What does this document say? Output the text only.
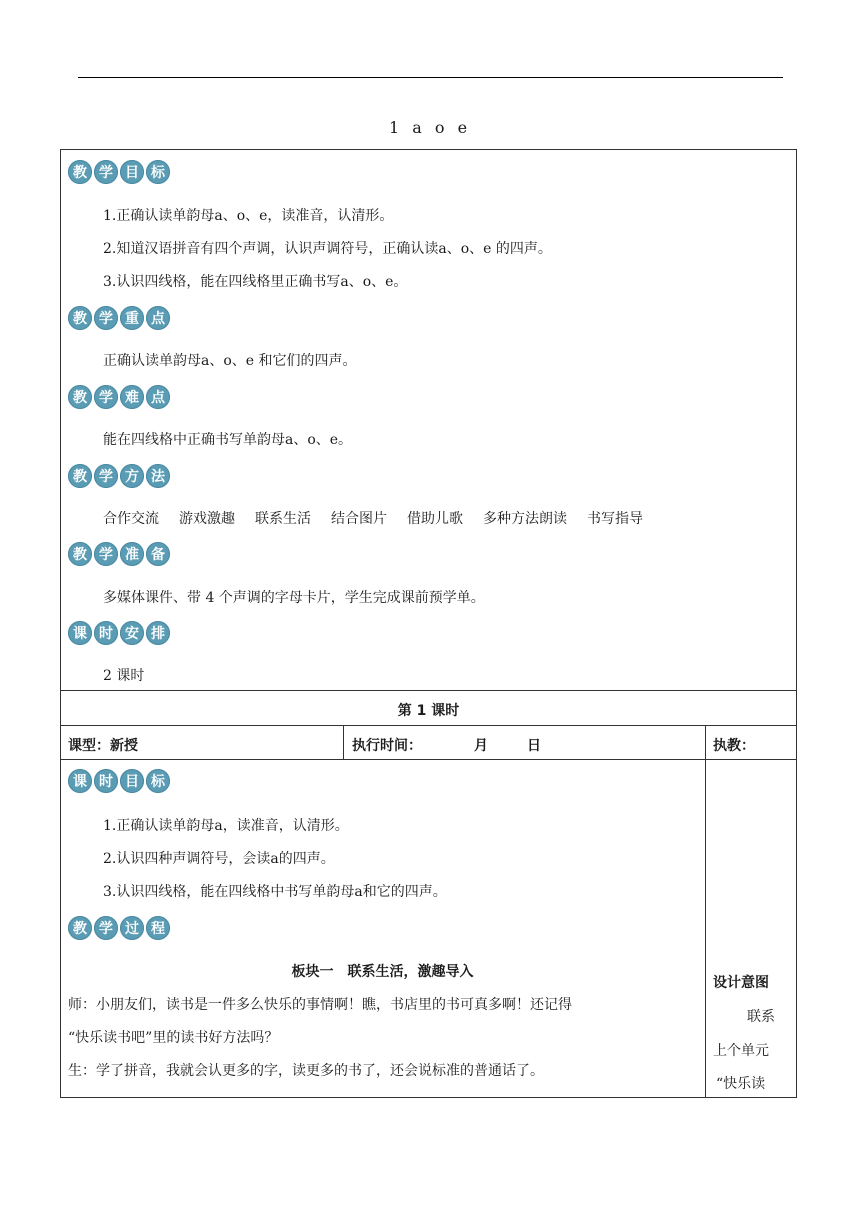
1 a o e
教 学 目 标
1.正确认读单韵母a、o、e，读准音，认清形。
2.知道汉语拼音有四个声调，认识声调符号，正确认读a、o、e 的四声。
3.认识四线格，能在四线格里正确书写a、o、e。
教 学 重 点
正确认读单韵母a、o、e 和它们的四声。
教 学 难 点
能在四线格中正确书写单韵母a、o、e。
教 学 方 法
合作交流 游戏激趣 联系生活 结合图片 借助儿歌 多种方法朗读 书写指导
教 学 准 备
多媒体课件、带 4 个声调的字母卡片，学生完成课前预学单。
课 时 安 排
2 课时
第 1 课时
课型：新授	执行时间：	月	日	执教：
课 时 目 标
1.正确认读单韵母a，读准音，认清形。
2.认识四种声调符号，会读a的四声。
3.认识四线格，能在四线格中书写单韵母a和它的四声。
教 学 过 程
板块一　联系生活，激趣导入
师：小朋友们，读书是一件多么快乐的事情啊！瞧，书店里的书可真多啊！还记得
“快乐读书吧”里的读书好方法吗？
生：学了拼音，我就会认更多的字，读更多的书了，还会说标准的普通话了。
设计意图
联系
上个单元
“快乐读
